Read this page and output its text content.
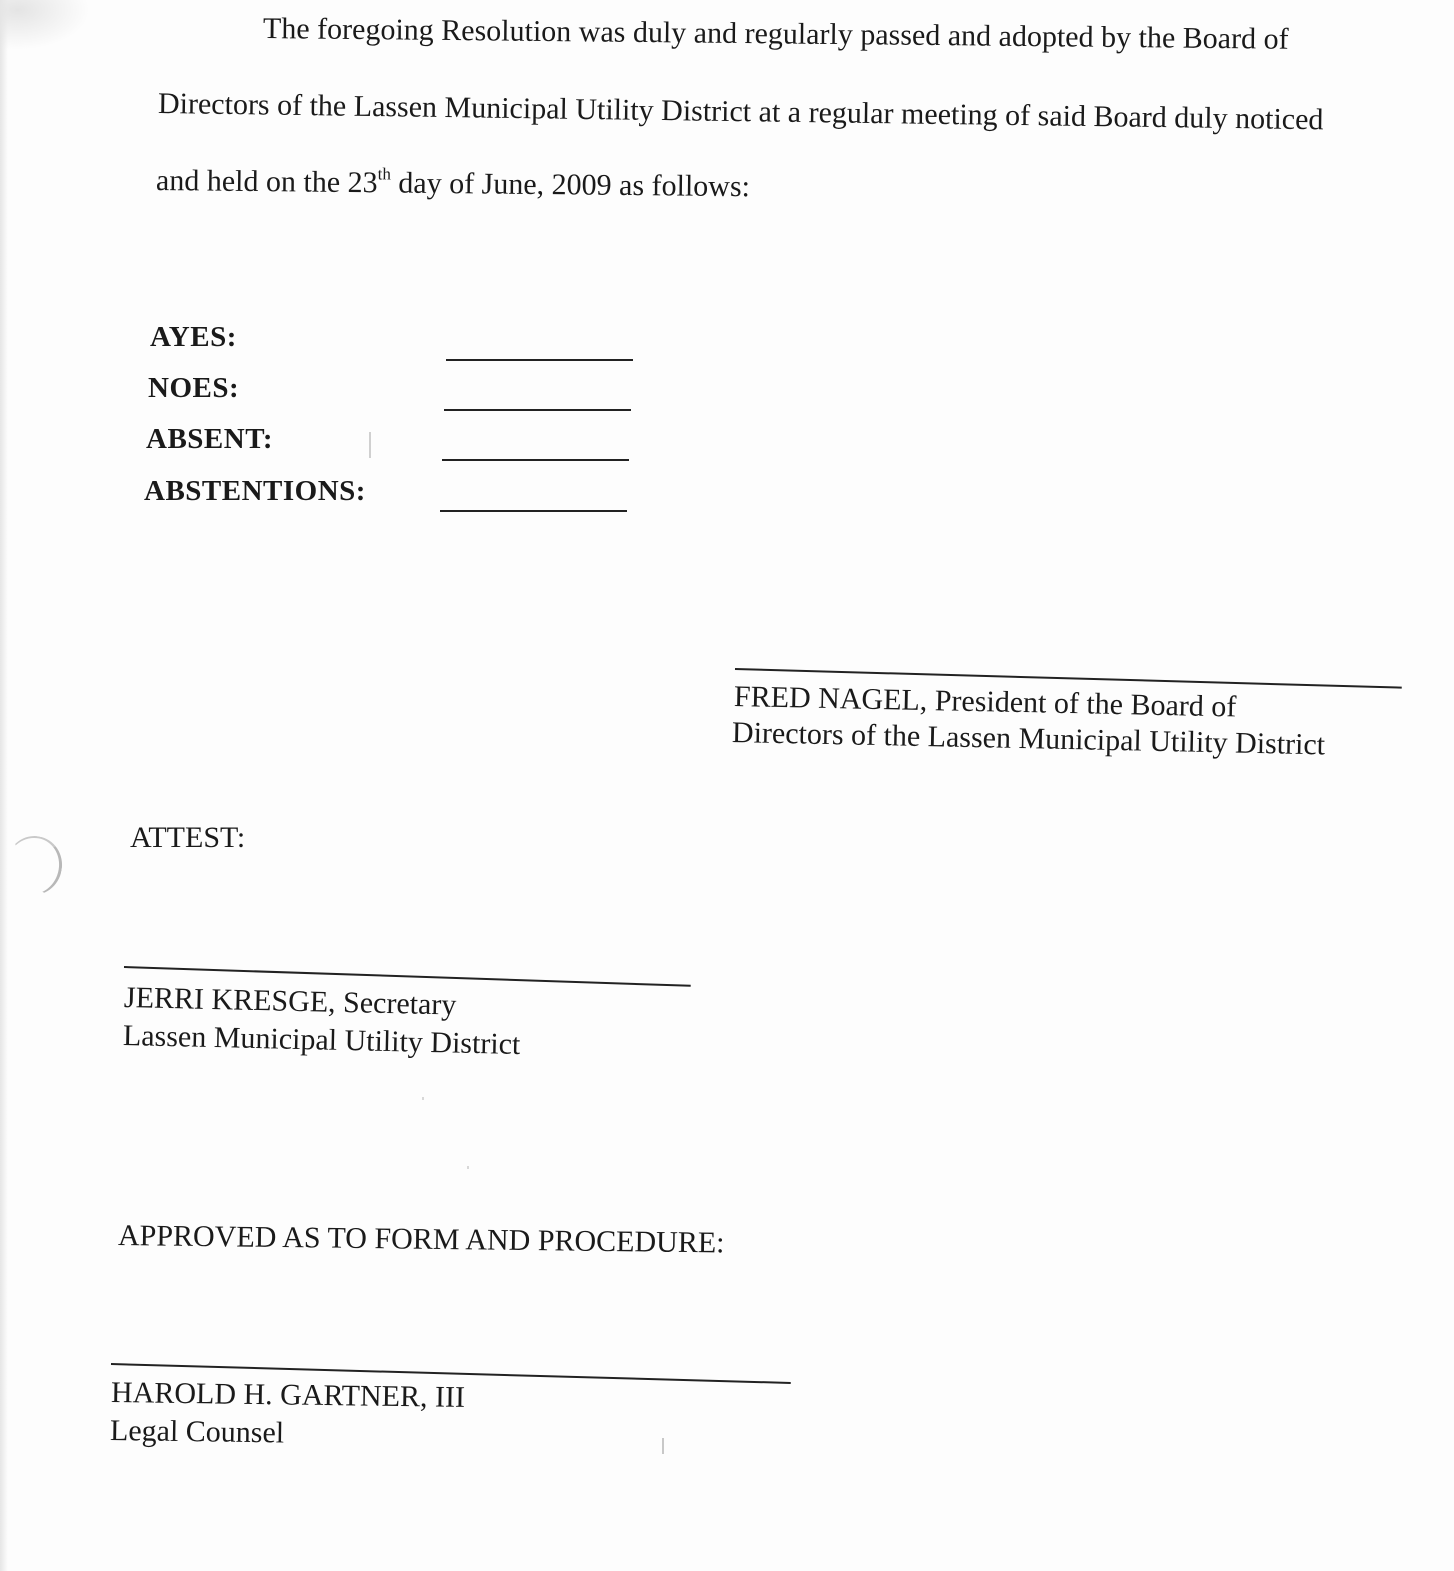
The foregoing Resolution was duly and regularly passed and adopted by the Board of
Directors of the Lassen Municipal Utility District at a regular meeting of said Board duly noticed
and held on the 23th day of June, 2009 as follows:
AYES:
NOES:
ABSENT:
ABSTENTIONS:
FRED NAGEL, President of the Board of
Directors of the Lassen Municipal Utility District
ATTEST:
JERRI KRESGE, Secretary
Lassen Municipal Utility District
APPROVED AS TO FORM AND PROCEDURE:
HAROLD H. GARTNER, III
Legal Counsel
